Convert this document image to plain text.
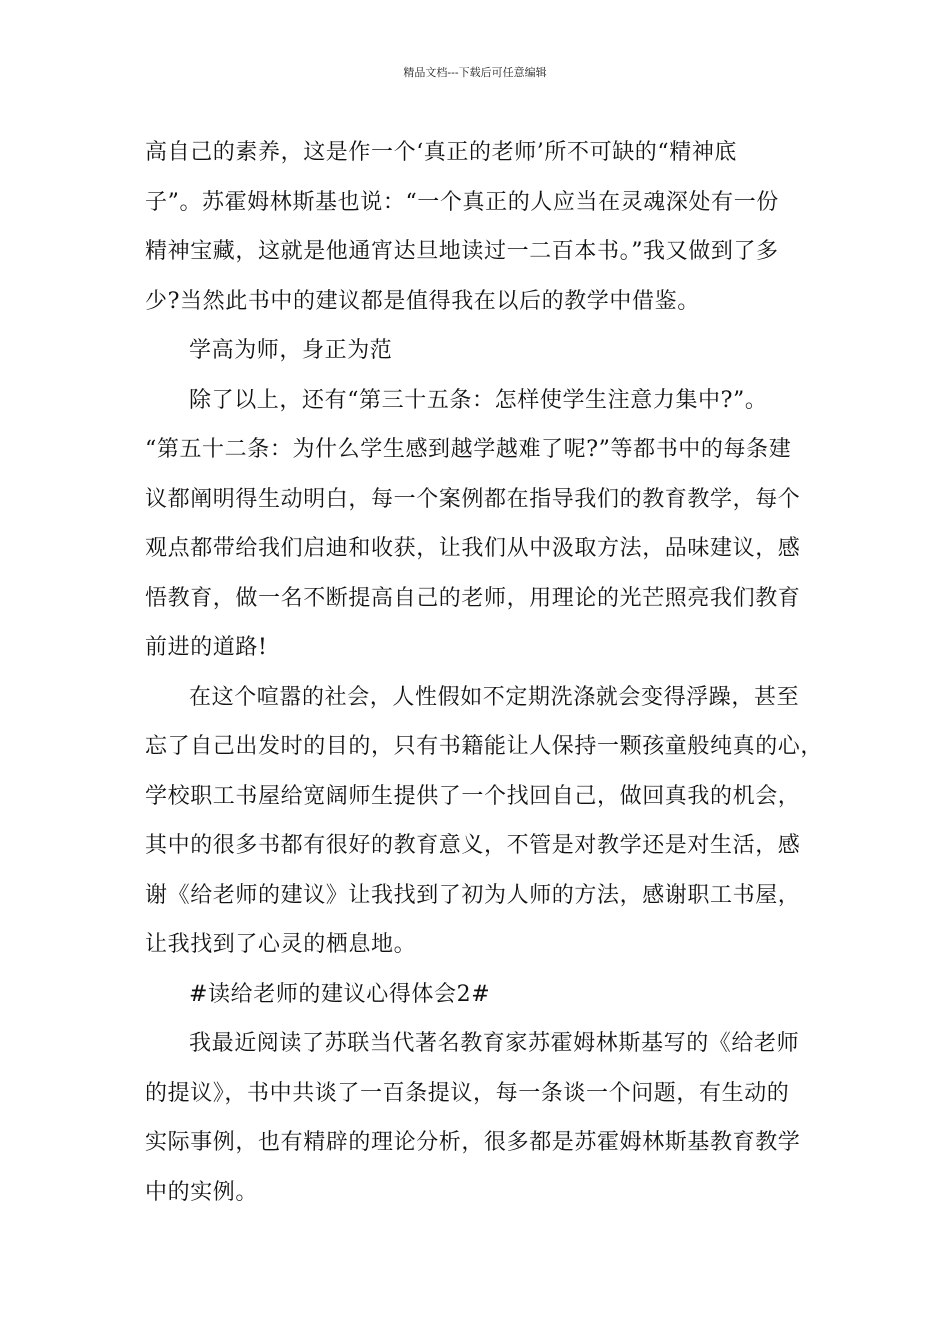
精品文档---下载后可任意编辑
高自己的素养，这是作一个‘真正的老师’所不可缺的“精神底
子”。苏霍姆林斯基也说：“一个真正的人应当在灵魂深处有一份
精神宝藏，这就是他通宵达旦地读过一二百本书。”我又做到了多
少?当然此书中的建议都是值得我在以后的教学中借鉴。
学高为师，身正为范
除了以上，还有“第三十五条：怎样使学生注意力集中?”。
“第五十二条：为什么学生感到越学越难了呢?”等都书中的每条建
议都阐明得生动明白，每一个案例都在指导我们的教育教学，每个
观点都带给我们启迪和收获，让我们从中汲取方法，品味建议，感
悟教育，做一名不断提高自己的老师，用理论的光芒照亮我们教育
前进的道路!
在这个喧嚣的社会，人性假如不定期洗涤就会变得浮躁，甚至
忘了自己出发时的目的，只有书籍能让人保持一颗孩童般纯真的心，
学校职工书屋给宽阔师生提供了一个找回自己，做回真我的机会，
其中的很多书都有很好的教育意义，不管是对教学还是对生活，感
谢《给老师的建议》让我找到了初为人师的方法，感谢职工书屋，
让我找到了心灵的栖息地。
#读给老师的建议心得体会2#
我最近阅读了苏联当代著名教育家苏霍姆林斯基写的《给老师
的提议》，书中共谈了一百条提议，每一条谈一个问题，有生动的
实际事例，也有精辟的理论分析，很多都是苏霍姆林斯基教育教学
中的实例。
